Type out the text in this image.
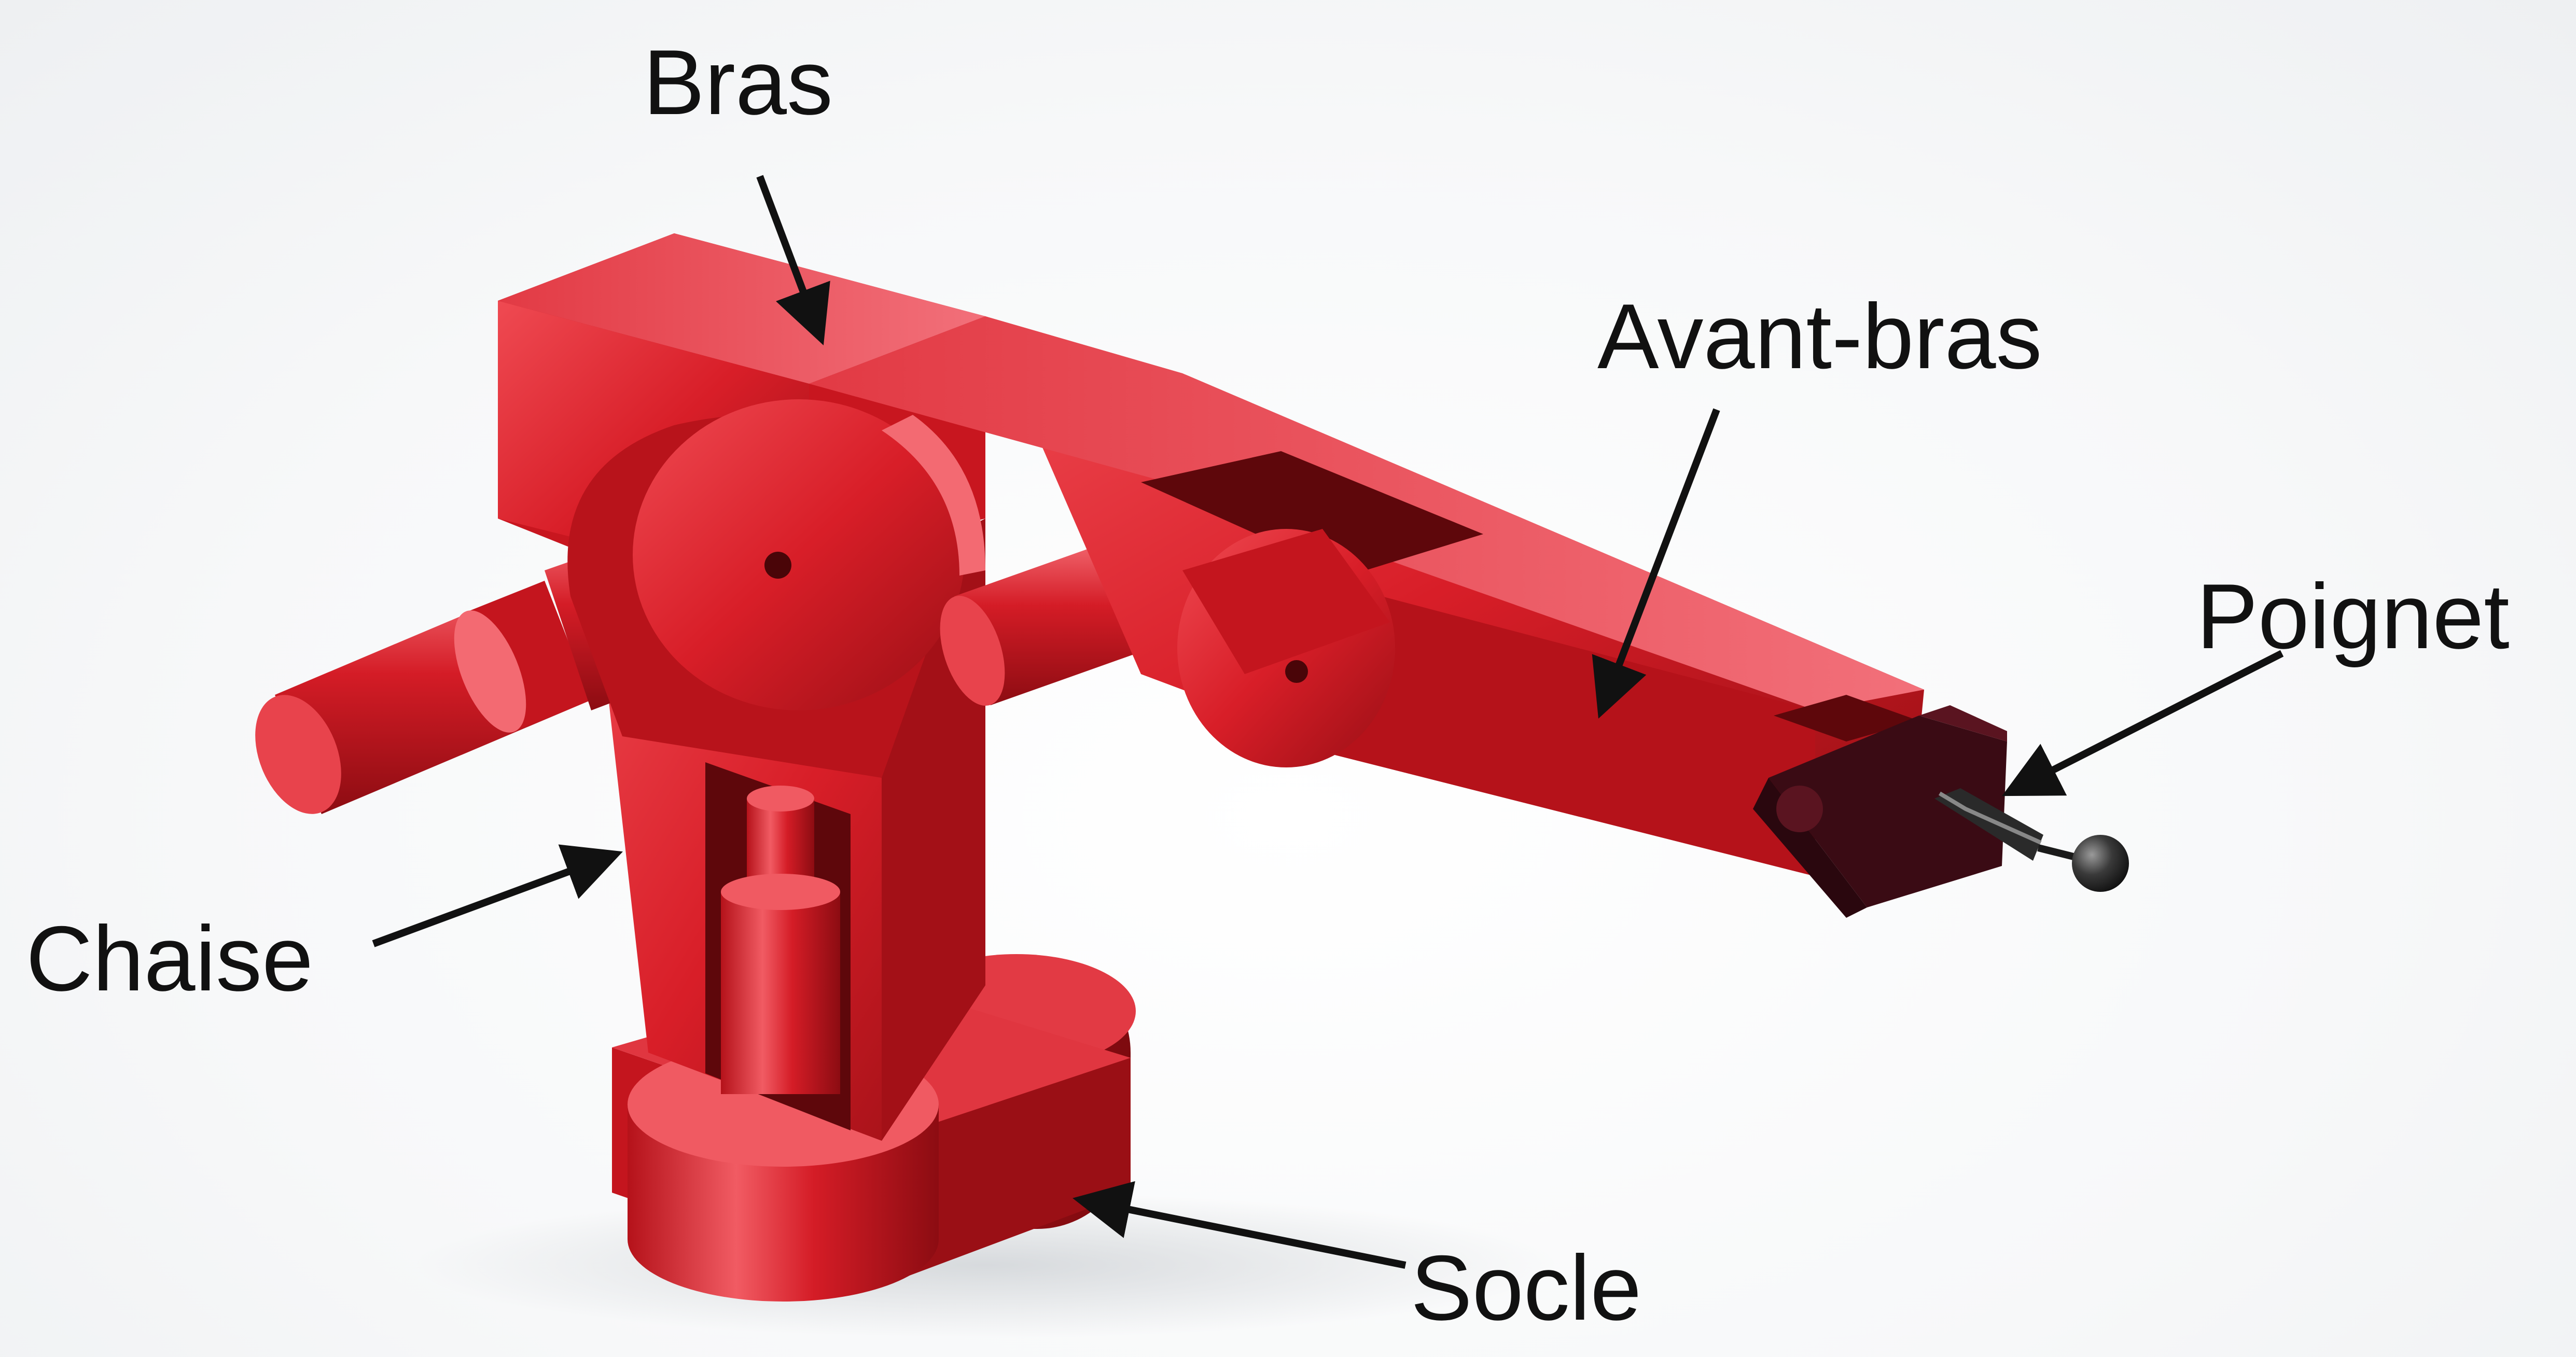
Bras
Avant-bras
Poignet
Chaise
Socle
